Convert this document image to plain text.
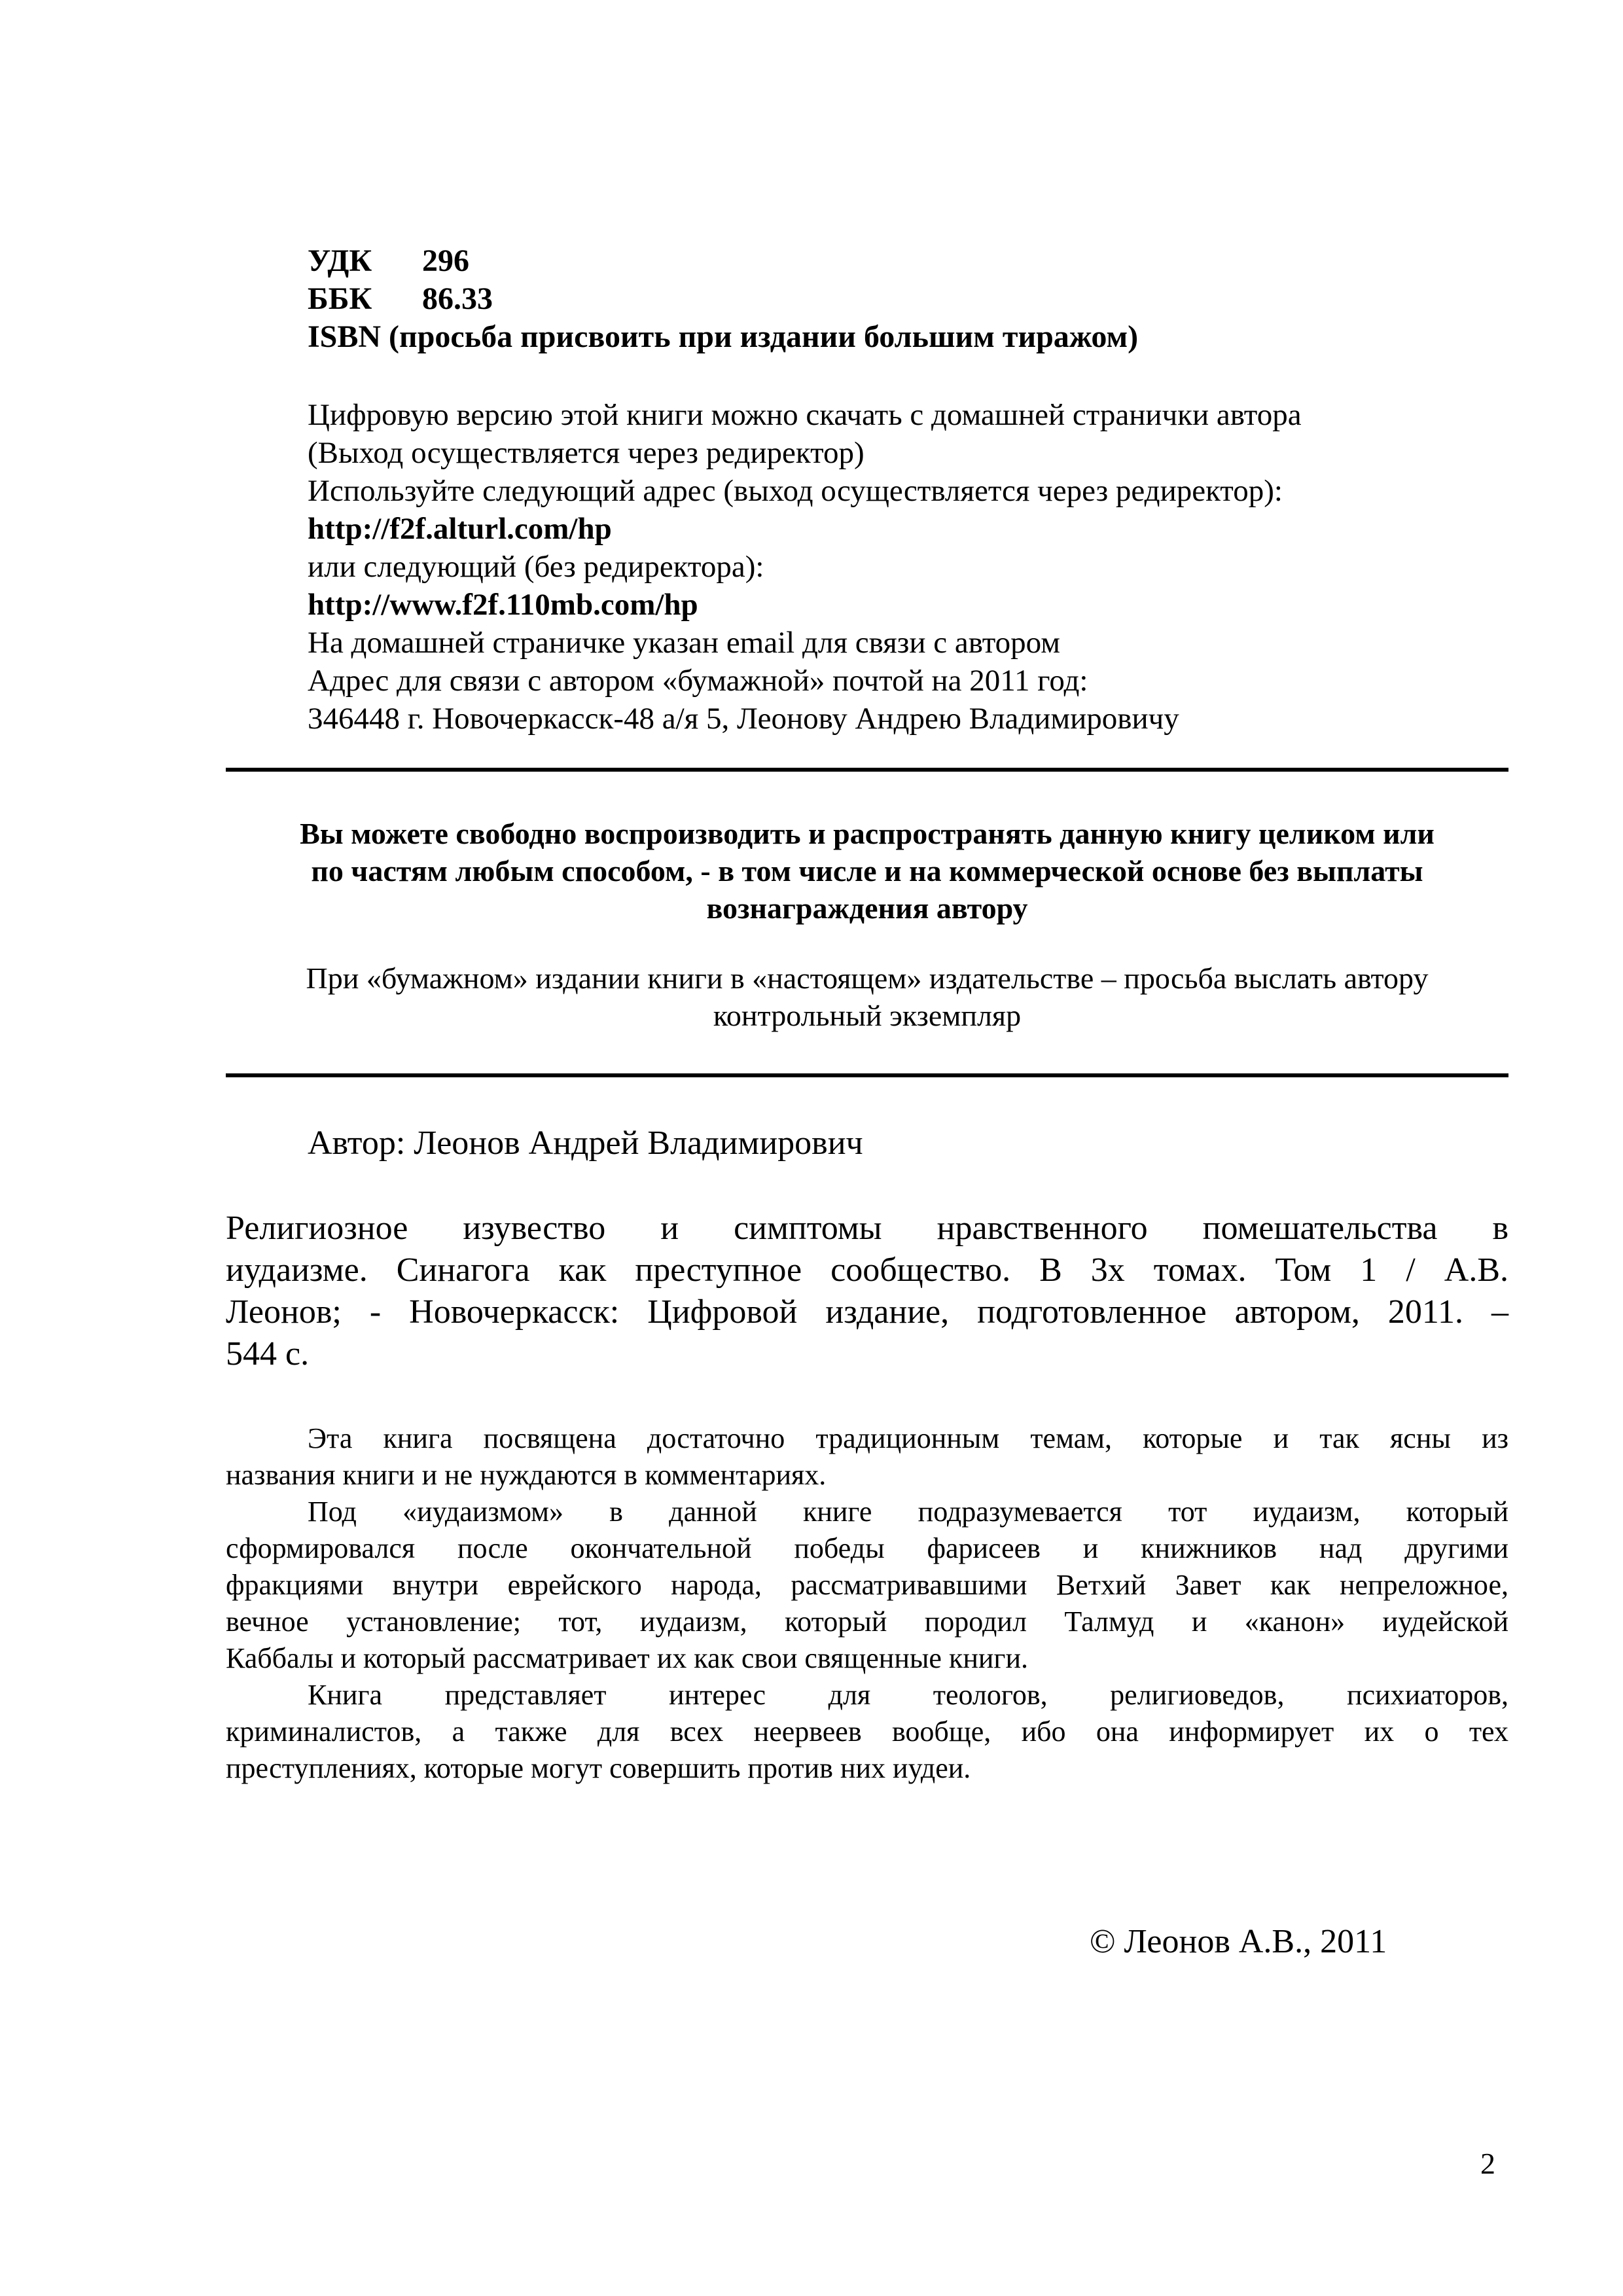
УДК 296
ББК 86.33
ISBN (просьба присвоить при издании большим тиражом)
Цифровую версию этой книги можно скачать с домашней странички автора
(Выход осуществляется через редиректор)
Используйте следующий адрес (выход осуществляется через редиректор):
http://f2f.alturl.com/hp
или следующий (без редиректора):
http://www.f2f.110mb.com/hp
На домашней страничке указан email для связи с автором
Адрес для связи с автором «бумажной» почтой на 2011 год:
346448 г. Новочеркасск-48 а/я 5, Леонову Андрею Владимировичу
Вы можете свободно воспроизводить и распространять данную книгу целиком или
по частям любым способом, - в том числе и на коммерческой основе без выплаты
вознаграждения автору
При «бумажном» издании книги в «настоящем» издательстве – просьба выслать автору
контрольный экземпляр
Автор: Леонов Андрей Владимирович
Религиозное изувество и симптомы нравственного помешательства в
иудаизме. Синагога как преступное сообщество. В 3х томах. Том 1 / А.В.
Леонов; - Новочеркасск: Цифровой издание, подготовленное автором, 2011. –
544 с.
Эта книга посвящена достаточно традиционным темам, которые и так ясны из
названия книги и не нуждаются в комментариях.
Под «иудаизмом» в данной книге подразумевается тот иудаизм, который
сформировался после окончательной победы фарисеев и книжников над другими
фракциями внутри еврейского народа, рассматривавшими Ветхий Завет как непреложное,
вечное установление; тот, иудаизм, который породил Талмуд и «канон» иудейской
Каббалы и который рассматривает их как свои священные книги.
Книга представляет интерес для теологов, религиоведов, психиаторов,
криминалистов, а также для всех неервеев вообще, ибо она информирует их о тех
преступлениях, которые могут совершить против них иудеи.
© Леонов А.В., 2011
2
